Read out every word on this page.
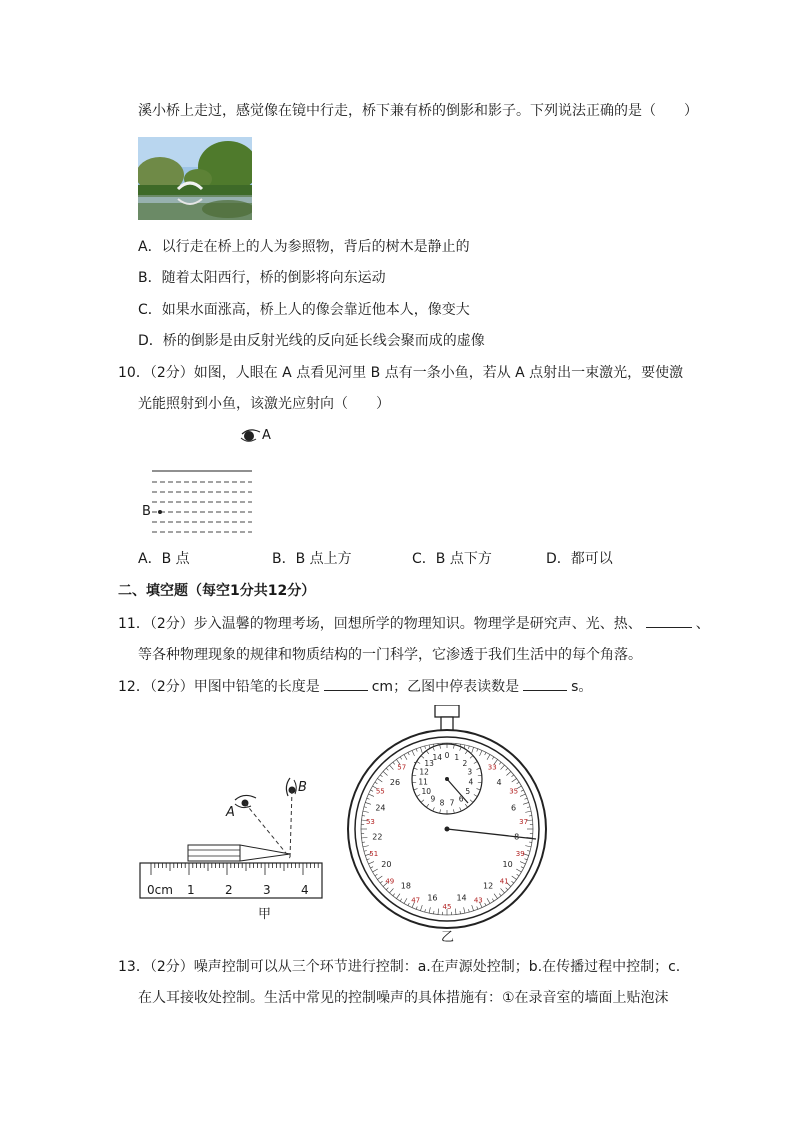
溪小桥上走过，感觉像在镜中行走，桥下兼有桥的倒影和影子。下列说法正确的是（　　）
A．以行走在桥上的人为参照物，背后的树木是静止的
B．随着太阳西行，桥的倒影将向东运动
C．如果水面涨高，桥上人的像会靠近他本人，像变大
D．桥的倒影是由反射光线的反向延长线会聚而成的虚像
10．（2分）如图，人眼在 A 点看见河里 B 点有一条小鱼，若从 A 点射出一束激光，要使激
光能照射到小鱼，该激光应射向（　　）
A
B
A．B 点	B．B 点上方	C．B 点下方	D．都可以
二、填空题（每空1分共12分）
11．（2分）步入温馨的物理考场，回想所学的物理知识。物理学是研究声、光、热、	、
等各种物理现象的规律和物质结构的一门科学，它渗透于我们生活中的每个角落。
12．（2分）甲图中铅笔的长度是	cm；乙图中停表读数是	s。
A
B
0cm 1	2	3	4
甲
4
6
10
12
14
16
18
20
22
24
26
33
35
37
39
41
43
45
47
49
51
53
55
57
0 1
2
3
4
5
6
7
8
9
10
11
12
13
14
乙
13．（2分）噪声控制可以从三个环节进行控制：a.在声源处控制；b.在传播过程中控制；c.
在人耳接收处控制。生活中常见的控制噪声的具体措施有：①在录音室的墙面上贴泡沫
